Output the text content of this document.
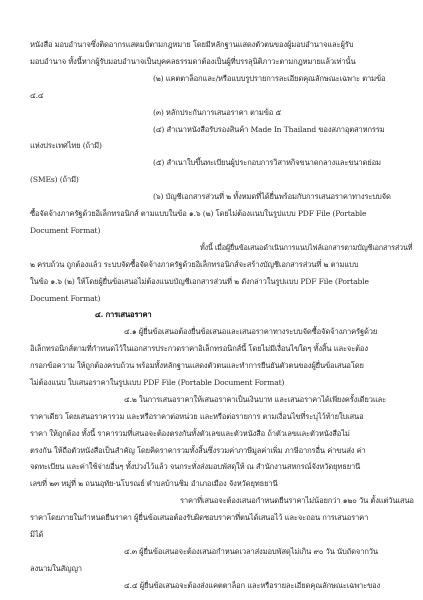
หนังสือ มอบอำนาจซึ่งติดอากรแสตมป์ตามกฎหมาย โดยมีหลักฐานแสดงตัวตนของผู้มอบอำนาจและผู้รับ
มอบอำนาจ ทั้งนี้หากผู้รับมอบอำนาจเป็นบุคคลธรรมดาต้องเป็นผู้ที่บรรลุนิติภาวะตามกฎหมายแล้วเท่านั้น
(๒) แคตตาล็อกและ/หรือแบบรูปรายการละเอียดคุณลักษณะเฉพาะ ตามข้อ
๔.๔
(๓) หลักประกันการเสนอราคา ตามข้อ ๕
(๔) สำเนาหนังสือรับรองสินค้า Made In Thailand ของสภาอุตสาหกรรม
แห่งประเทศไทย (ถ้ามี)
(๕) สำเนาใบขึ้นทะเบียนผู้ประกอบการวิสาหกิจขนาดกลางและขนาดย่อม
(SMEs) (ถ้ามี)
(๖) บัญชีเอกสารส่วนที่ ๒ ทั้งหมดที่ได้ยื่นพร้อมกับการเสนอราคาทางระบบจัด
ซื้อจัดจ้างภาครัฐด้วยอิเล็กทรอนิกส์ ตามแบบในข้อ ๑.๖ (๒) โดยไม่ต้องแนบในรูปแบบ PDF File (Portable
Document Format)
ทั้งนี้ เมื่อผู้ยื่นข้อเสนอดำเนินการแนบไฟล์เอกสารตามบัญชีเอกสารส่วนที่
๒ ครบถ้วน ถูกต้องแล้ว ระบบจัดซื้อจัดจ้างภาครัฐด้วยอิเล็กทรอนิกส์จะสร้างบัญชีเอกสารส่วนที่ ๒ ตามแบบ
ในข้อ ๑.๖ (๒) ให้โดยผู้ยื่นข้อเสนอไม่ต้องแนบบัญชีเอกสารส่วนที่ ๒ ดังกล่าวในรูปแบบ PDF File (Portable
Document Format)
๔. การเสนอราคา
๔.๑ ผู้ยื่นข้อเสนอต้องยื่นข้อเสนอและเสนอราคาทางระบบจัดซื้อจัดจ้างภาครัฐด้วย
อิเล็กทรอนิกส์ตามที่กำหนดไว้ในเอกสารประกวดราคาอิเล็กทรอนิกส์นี้ โดยไม่มีเงื่อนไขใดๆ ทั้งสิ้น และจะต้อง
กรอกข้อความ ให้ถูกต้องครบถ้วน พร้อมทั้งหลักฐานแสดงตัวตนและทำการยืนยันตัวตนของผู้ยื่นข้อเสนอโดย
ไม่ต้องแนบ ใบเสนอราคาในรูปแบบ PDF File (Portable Document Format)
๔.๒ ในการเสนอราคาให้เสนอราคาเป็นเงินบาท และเสนอราคาได้เพียงครั้งเดียวและ
ราคาเดียว โดยเสนอราคารวม และหรือราคาต่อหน่วย และหรือต่อรายการ ตามเงื่อนไขที่ระบุไว้ท้ายใบเสนอ
ราคา ให้ถูกต้อง ทั้งนี้ ราคารวมที่เสนอจะต้องตรงกันทั้งตัวเลขและตัวหนังสือ ถ้าตัวเลขและตัวหนังสือไม่
ตรงกัน ให้ถือตัวหนังสือเป็นสำคัญ โดยคิดราคารวมทั้งสิ้นซึ่งรวมค่าภาษีมูลค่าเพิ่ม ภาษีอากรอื่น ค่าขนส่ง ค่า
จดทะเบียน และค่าใช้จ่ายอื่นๆ ทั้งปวงไว้แล้ว จนกระทั่งส่งมอบพัสดุให้ ณ สำนักงานสหกรณ์จังหวัดยุทธยานี
เลขที่ ๒๓ หมู่ที่ ๒ ถนนอุทัย-นโบรณย์ ตำบลบ้านชิม อำเภอเมือง จังหวัดยุทธยานี
ราคาที่เสนอจะต้องเสนอกำหนดยืนราคาไม่น้อยกว่า ๑๒๐ วัน ตั้งแต่วันเสนอ
ราคาโดยภายในกำหนดยืนราคา ผู้ยื่นข้อเสนอต้องรับผิดชอบราคาที่ตนได้เสนอไว้ และจะถอน การเสนอราคา
มิได้
๔.๓ ผู้ยื่นข้อเสนอจะต้องเสนอกำหนดเวลาส่งมอบพัสดุไม่เกิน ๙๐ วัน นับถัดจากวัน
ลงนามในสัญญา
๔.๔ ผู้ยื่นข้อเสนอจะต้องส่งแคตตาล็อก และหรือรายละเอียดคุณลักษณะเฉพาะของ
